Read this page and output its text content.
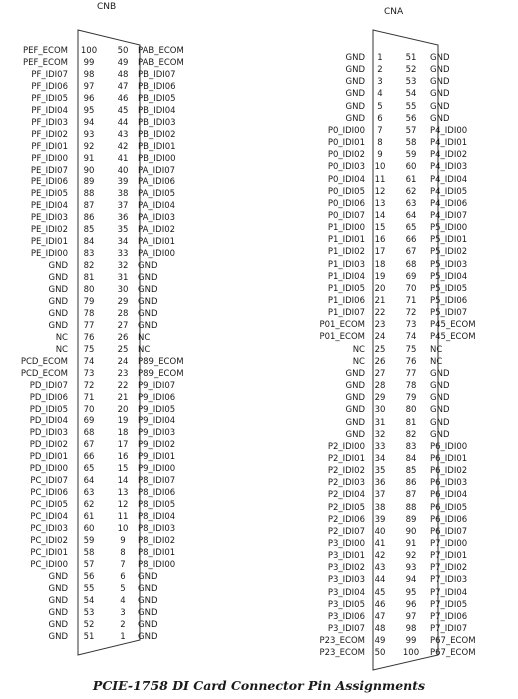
CNB	CNA
PEF_ECOM 100	50	PAB_ECOM
PEF_ECOM	99	49	PAB_ECOM
PF_IDI07	98	48	PB_IDI07
PF_IDI06	97	47	PB_IDI06
PF_IDI05	96	46	PB_IDI05
PF_IDI04	95	45	PB_IDI04
PF_IDI03	94	44	PB_IDI03
PF_IDI02	93	43	PB_IDI02
PF_IDI01	92	42	PB_IDI01
PF_IDI00	91	41	PB_IDI00
PE_IDI07	90	40	PA_IDI07
PE_IDI06	89	39	PA_IDI06
PE_IDI05	88	38	PA_IDI05
PE_IDI04	87	37	PA_IDI04
PE_IDI03	86	36	PA_IDI03
PE_IDI02	85	35	PA_IDI02
PE_IDI01	84	34	PA_IDI01
PE_IDI00	83	33	PA_IDI00
GND	82	32	GND
GND	81	31	GND
GND	80	30	GND
GND	79	29	GND
GND	78	28	GND
GND	77	27	GND
NC	76	26	NC
NC	75	25	NC
PCD_ECOM	74	24	P89_ECOM
PCD_ECOM	73	23	P89_ECOM
PD_IDI07	72	22	P9_IDI07
PD_IDI06	71	21	P9_IDI06
PD_IDI05	70	20	P9_IDI05
PD_IDI04	69	19	P9_IDI04
PD_IDI03	68	18	P9_IDI03
PD_IDI02	67	17	P9_IDI02
PD_IDI01	66	16	P9_IDI01
PD_IDI00	65	15	P9_IDI00
PC_IDI07	64	14	P8_IDI07
PC_IDI06	63	13	P8_IDI06
PC_IDI05	62	12	P8_IDI05
PC_IDI04	61	11	P8_IDI04
PC_IDI03	60	10	P8_IDI03
PC_IDI02	59	9	P8_IDI02
PC_IDI01	58	8	P8_IDI01
PC_IDI00	57	7	P8_IDI00
GND	56	6	GND
GND	55	5	GND
GND	54	4	GND
GND	53	3	GND
GND	52	2	GND
GND	51	1	GND
GND	1	51	GND
GND	2	52	GND
GND	3	53	GND
GND	4	54	GND
GND	5	55	GND
GND	6	56	GND
P0_IDI00	7	57	P4_IDI00
P0_IDI01	8	58	P4_IDI01
P0_IDI02	9	59	P4_IDI02
P0_IDI03	10	60	P4_IDI03
P0_IDI04	11	61	P4_IDI04
P0_IDI05	12	62	P4_IDI05
P0_IDI06	13	63	P4_IDI06
P0_IDI07	14	64	P4_IDI07
P1_IDI00	15	65	P5_IDI00
P1_IDI01	16	66	P5_IDI01
P1_IDI02	17	67	P5_IDI02
P1_IDI03	18	68	P5_IDI03
P1_IDI04	19	69	P5_IDI04
P1_IDI05	20	70	P5_IDI05
P1_IDI06	21	71	P5_IDI06
P1_IDI07	22	72	P5_IDI07
P01_ECOM	23	73	P45_ECOM
P01_ECOM	24	74	P45_ECOM
NC	25	75	NC
NC	26	76	NC
GND	27	77	GND
GND	28	78	GND
GND	29	79	GND
GND	30	80	GND
GND	31	81	GND
GND	32	82	GND
P2_IDI00	33	83	P6_IDI00
P2_IDI01	34	84	P6_IDI01
P2_IDI02	35	85	P6_IDI02
P2_IDI03	36	86	P6_IDI03
P2_IDI04	37	87	P6_IDI04
P2_IDI05	38	88	P6_IDI05
P2_IDI06	39	89	P6_IDI06
P2_IDI07	40	90	P6_IDI07
P3_IDI00	41	91	P7_IDI00
P3_IDI01	42	92	P7_IDI01
P3_IDI02	43	93	P7_IDI02
P3_IDI03	44	94	P7_IDI03
P3_IDI04	45	95	P7_IDI04
P3_IDI05	46	96	P7_IDI05
P3_IDI06	47	97	P7_IDI06
P3_IDI07	48	98	P7_IDI07
P23_ECOM	49	99	P67_ECOM
P23_ECOM	50	100 P67_ECOM
PCIE-1758 DI Card Connector Pin Assignments
